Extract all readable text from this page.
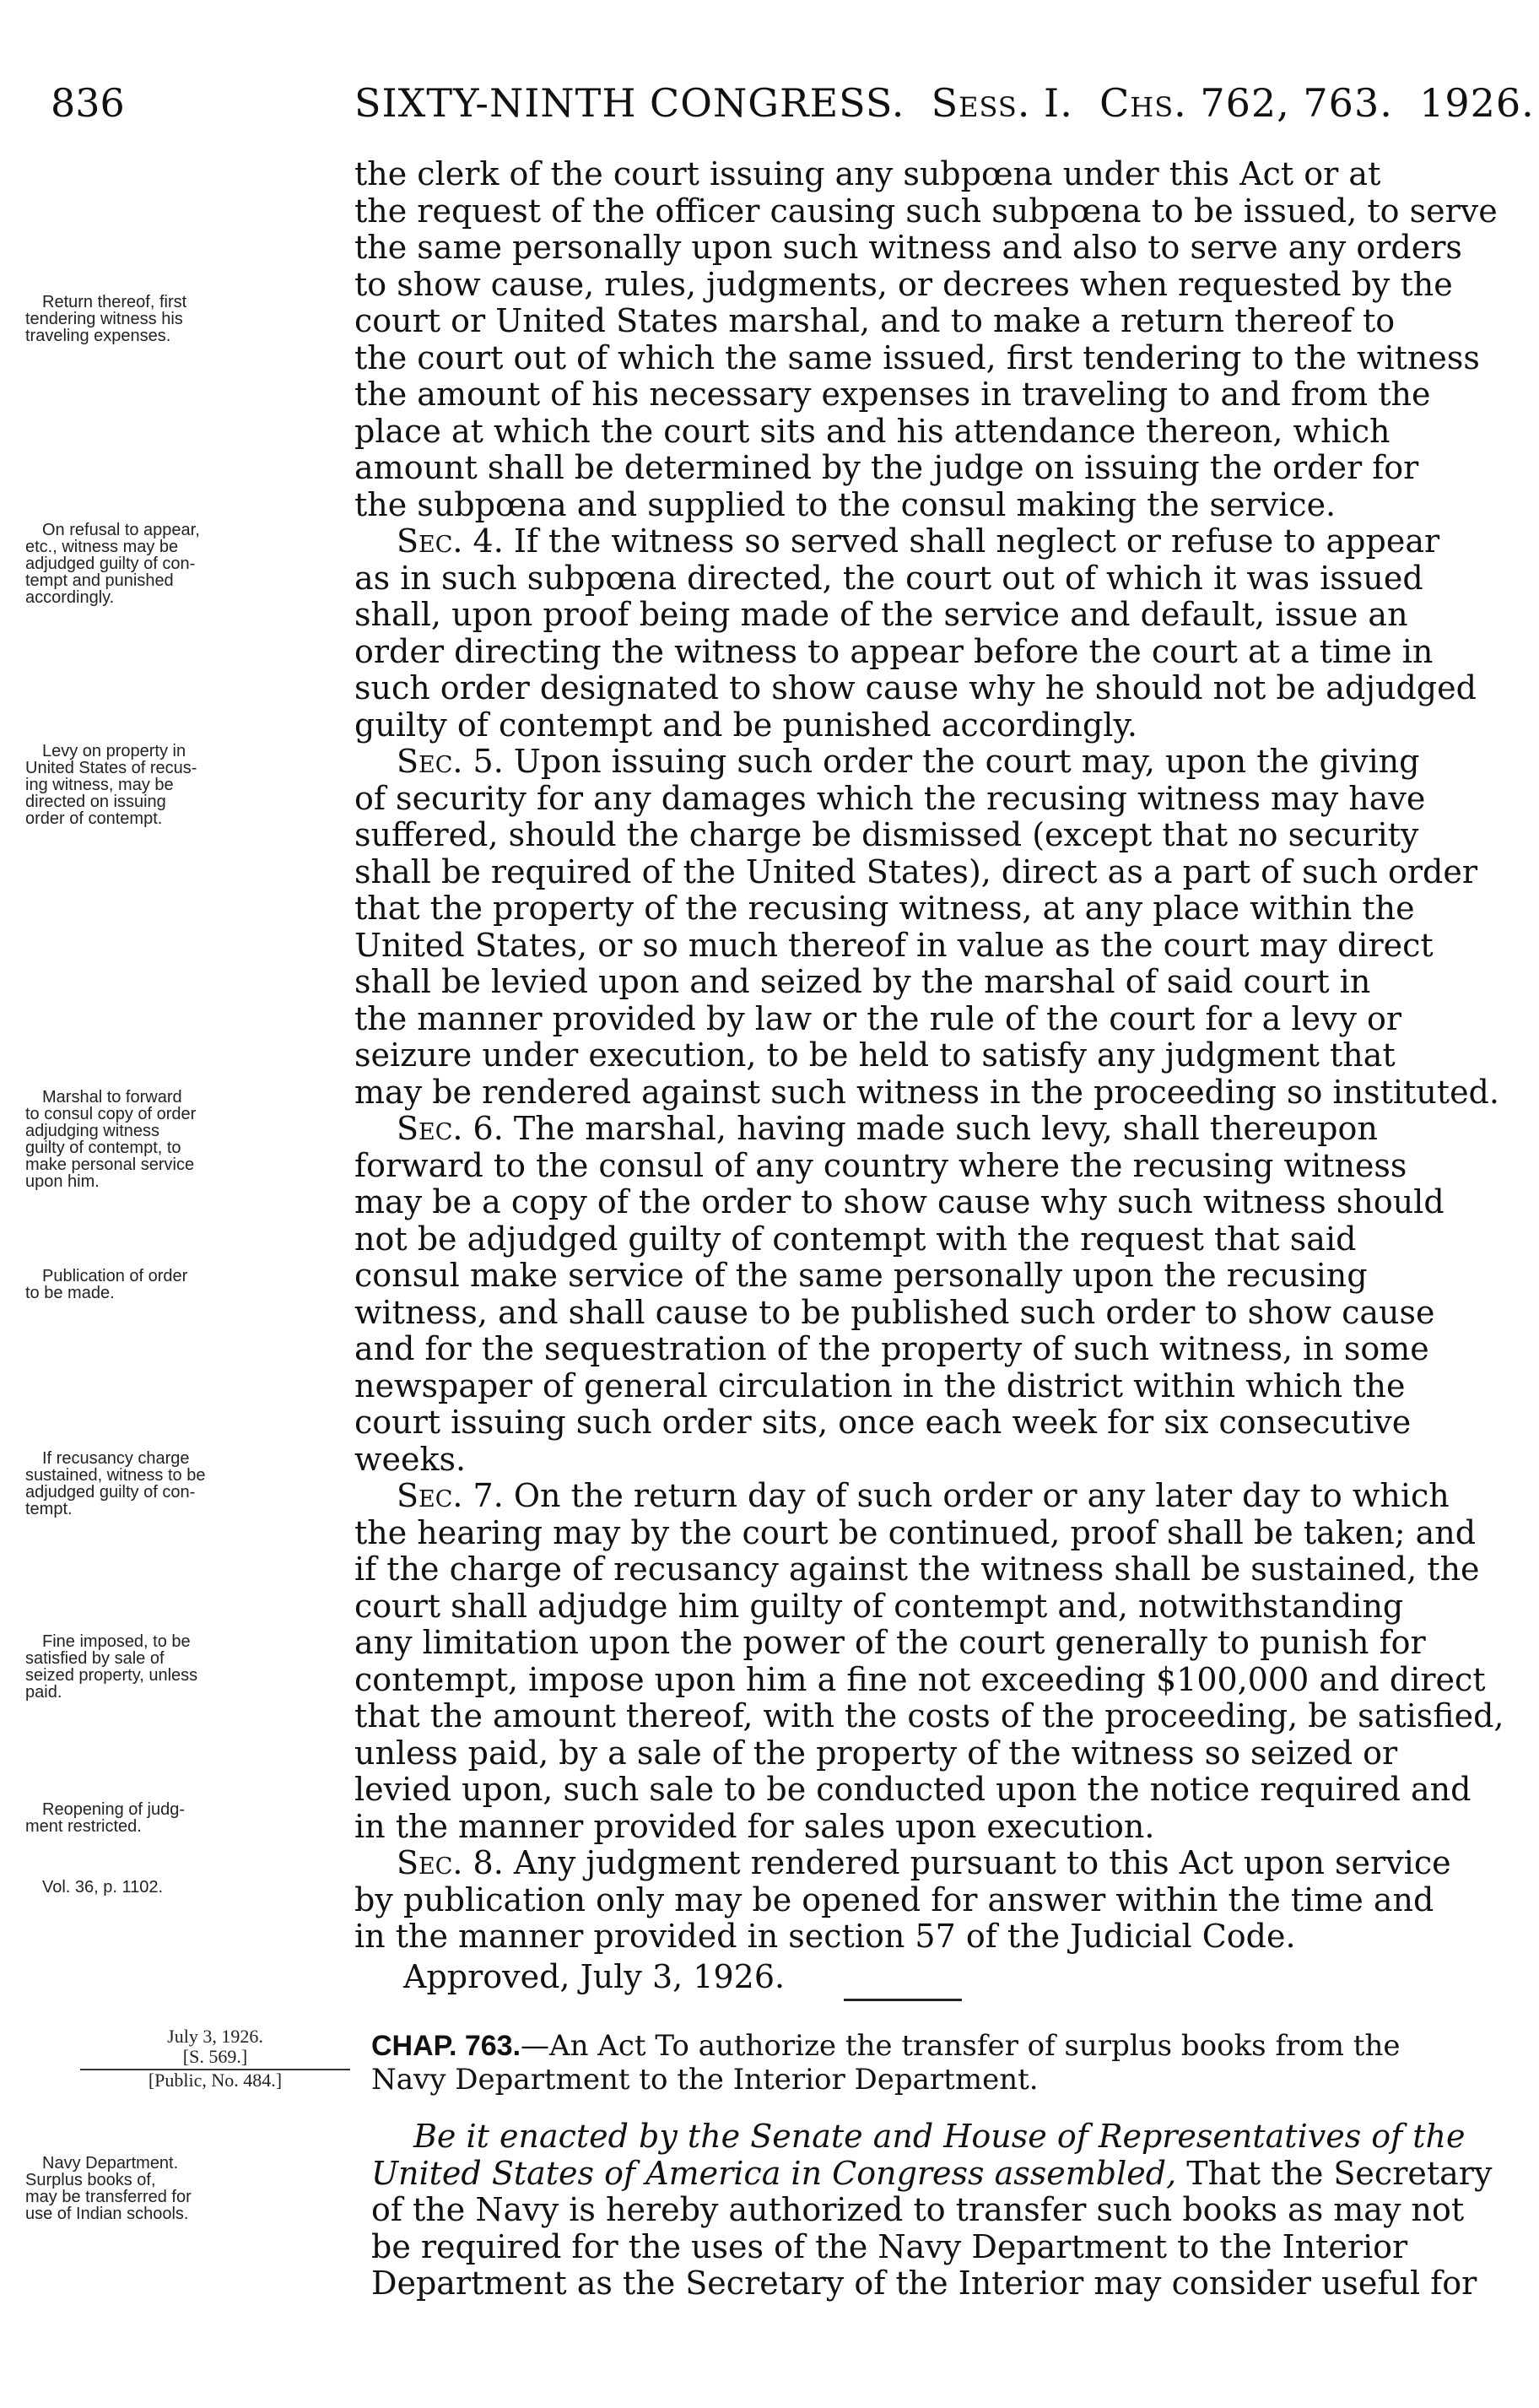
836	SIXTY-NINTH CONGRESS. Sess. I. Chs. 762, 763. 1926.
Return thereof, first
tendering witness his
traveling expenses.
On refusal to appear,
etc., witness may be
adjudged guilty of con-
tempt and punished
accordingly.
Levy on property in
United States of recus-
ing witness, may be
directed on issuing
order of contempt.
Marshal to forward
to consul copy of order
adjudging witness
guilty of contempt, to
make personal service
upon him.
Publication of order
to be made.
If recusancy charge
sustained, witness to be
adjudged guilty of con-
tempt.
Fine imposed, to be
satisfied by sale of
seized property, unless
paid.
Reopening of judg-
ment restricted.
Vol. 36, p. 1102.
Navy Department.
Surplus books of,
may be transferred for
use of Indian schools.
the clerk of the court issuing any subpœna under this Act or at
the request of the officer causing such subpœna to be issued, to serve
the same personally upon such witness and also to serve any orders
to show cause, rules, judgments, or decrees when requested by the
court or United States marshal, and to make a return thereof to
the court out of which the same issued, first tendering to the witness
the amount of his necessary expenses in traveling to and from the
place at which the court sits and his attendance thereon, which
amount shall be determined by the judge on issuing the order for
the subpœna and supplied to the consul making the service.
Sec. 4. If the witness so served shall neglect or refuse to appear
as in such subpœna directed, the court out of which it was issued
shall, upon proof being made of the service and default, issue an
order directing the witness to appear before the court at a time in
such order designated to show cause why he should not be adjudged
guilty of contempt and be punished accordingly.
Sec. 5. Upon issuing such order the court may, upon the giving
of security for any damages which the recusing witness may have
suffered, should the charge be dismissed (except that no security
shall be required of the United States), direct as a part of such order
that the property of the recusing witness, at any place within the
United States, or so much thereof in value as the court may direct
shall be levied upon and seized by the marshal of said court in
the manner provided by law or the rule of the court for a levy or
seizure under execution, to be held to satisfy any judgment that
may be rendered against such witness in the proceeding so instituted.
Sec. 6. The marshal, having made such levy, shall thereupon
forward to the consul of any country where the recusing witness
may be a copy of the order to show cause why such witness should
not be adjudged guilty of contempt with the request that said
consul make service of the same personally upon the recusing
witness, and shall cause to be published such order to show cause
and for the sequestration of the property of such witness, in some
newspaper of general circulation in the district within which the
court issuing such order sits, once each week for six consecutive
weeks.
Sec. 7. On the return day of such order or any later day to which
the hearing may by the court be continued, proof shall be taken; and
if the charge of recusancy against the witness shall be sustained, the
court shall adjudge him guilty of contempt and, notwithstanding
any limitation upon the power of the court generally to punish for
contempt, impose upon him a fine not exceeding $100,000 and direct
that the amount thereof, with the costs of the proceeding, be satisfied,
unless paid, by a sale of the property of the witness so seized or
levied upon, such sale to be conducted upon the notice required and
in the manner provided for sales upon execution.
Sec. 8. Any judgment rendered pursuant to this Act upon service
by publication only may be opened for answer within the time and
in the manner provided in section 57 of the Judicial Code.
Approved, July 3, 1926.
July 3, 1926.
[S. 569.]
[Public, No. 484.]
CHAP. 763.—An Act To authorize the transfer of surplus books from the
Navy Department to the Interior Department.
Be it enacted by the Senate and House of Representatives of the
United States of America in Congress assembled, That the Secretary
of the Navy is hereby authorized to transfer such books as may not
be required for the uses of the Navy Department to the Interior
Department as the Secretary of the Interior may consider useful for
